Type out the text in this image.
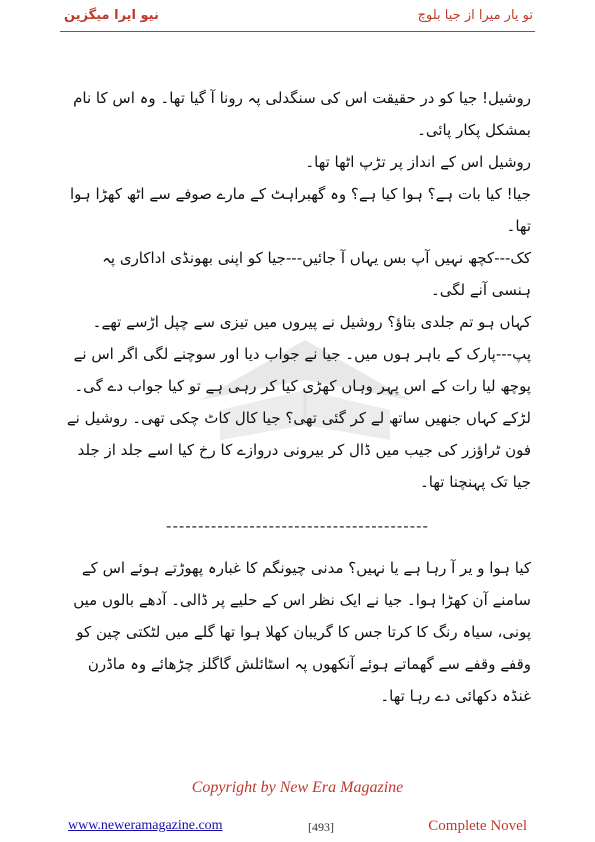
نیو ایرا میگزین	تو یار میرا از جیا بلوچ

روشیل! جیا کو در حقیقت اس کی سنگدلی پہ رونا آ گیا تھا۔ وہ اس کا نام بمشکل پکار پائی۔

روشیل اس کے انداز پر تڑپ اٹھا تھا۔

جیا! کیا بات ہے؟ ہوا کیا ہے؟ وہ گھبراہٹ کے مارے صوفے سے اٹھ کھڑا ہوا تھا۔

کک---کچھ نہیں آپ بس یہاں آ جائیں---جیا کو اپنی بھونڈی اداکاری پہ ہنسی آنے لگی۔

کہاں ہو تم جلدی بتاؤ؟ روشیل نے پیروں میں تیزی سے چپل اڑسے تھے۔

پپ---پارک کے باہر ہوں میں۔ جیا نے جواب دیا اور سوچنے لگی اگر اس نے پوچھ لیا رات کے اس پہر وہاں کھڑی کیا کر رہی ہے تو کیا جواب دے گی۔

لڑکے کہاں جنھیں ساتھ لے کر گئی تھی؟ جیا کال کاٹ چکی تھی۔ روشیل نے فون ٹراؤزر کی جیب میں ڈال کر بیرونی دروازے کا رخ کیا اسے جلد از جلد جیا تک پہنچنا تھا۔

-----------------------------------------

کیا ہوا و یر آ رہا ہے یا نہیں؟ مدنی چیونگم کا غبارہ پھوڑتے ہوئے اس کے سامنے آن کھڑا ہوا۔ جیا نے ایک نظر اس کے حلیے پر ڈالی۔ آدھے بالوں میں پونی، سیاہ رنگ کا کرتا جس کا گریبان کھلا ہوا تھا گلے میں لٹکتی چین کو وقفے وقفے سے گھماتے ہوئے آنکھوں پہ اسٹائلش گاگلز چڑھائے وہ ماڈرن غنڈہ دکھائی دے رہا تھا۔

Copyright by New Era Magazine
www.neweramagazine.com	[493]	Complete Novel
